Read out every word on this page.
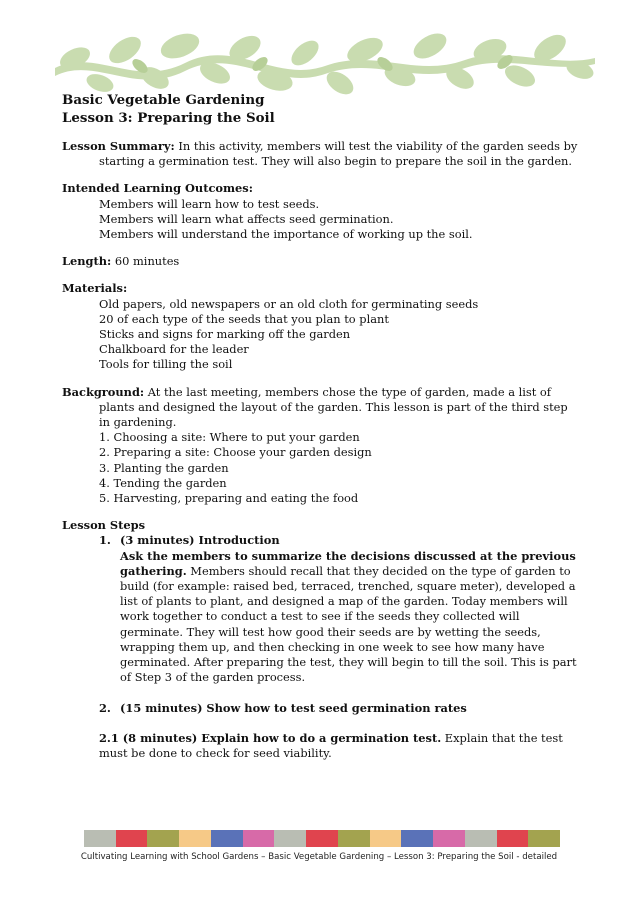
Basic Vegetable Gardening
Lesson 3: Preparing the Soil
Lesson Summary: In this activity, members will test the viability of the garden seeds by starting a germination test. They will also begin to prepare the soil in the garden.
Intended Learning Outcomes:
Members will learn how to test seeds.
Members will learn what affects seed germination.
Members will understand the importance of working up the soil.
Length: 60 minutes
Materials:
Old papers, old newspapers or an old cloth for germinating seeds
20 of each type of the seeds that you plan to plant
Sticks and signs for marking off the garden
Chalkboard for the leader
Tools for tilling the soil
Background: At the last meeting, members chose the type of garden, made a list of plants and designed the layout of the garden. This lesson is part of the third step in gardening.
1. Choosing a site: Where to put your garden
2. Preparing a site: Choose your garden design
3. Planting the garden
4. Tending the garden
5. Harvesting, preparing and eating the food
Lesson Steps
1. (3 minutes) Introduction
Ask the members to summarize the decisions discussed at the previous gathering. Members should recall that they decided on the type of garden to build (for example: raised bed, terraced, trenched, square meter), developed a list of plants to plant, and designed a map of the garden. Today members will work together to conduct a test to see if the seeds they collected will germinate. They will test how good their seeds are by wetting the seeds, wrapping them up, and then checking in one week to see how many have germinated. After preparing the test, they will begin to till the soil. This is part of Step 3 of the garden process.
2. (15 minutes) Show how to test seed germination rates
2.1 (8 minutes) Explain how to do a germination test. Explain that the test must be done to check for seed viability.
Cultivating Learning with School Gardens – Basic Vegetable Gardening – Lesson 3: Preparing the Soil - detailed
